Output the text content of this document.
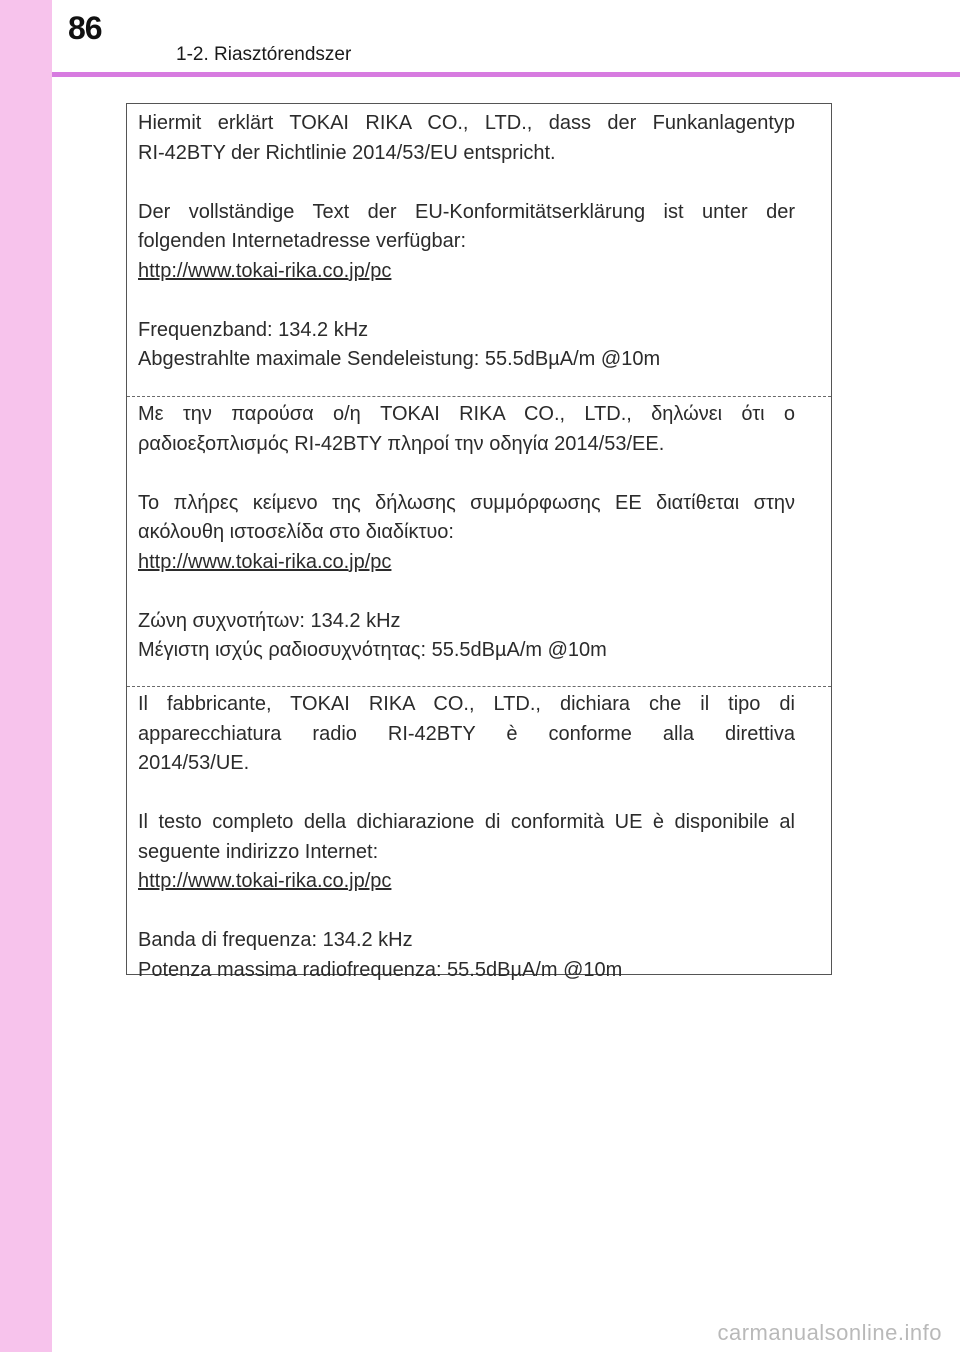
86
1-2. Riasztórendszer

Hiermit erklärt TOKAI RIKA CO., LTD., dass der Funkanlagentyp

RI-42BTY der Richtlinie 2014/53/EU entspricht.

Der vollständige Text der EU-Konformitätserklärung ist unter der

folgenden Internetadresse verfügbar:

http://www.tokai-rika.co.jp/pc

Frequenzband: 134.2 kHz

Abgestrahlte maximale Sendeleistung: 55.5dBµA/m @10m

Με την παρούσα ο/η TOKAI RIKA CO., LTD., δηλώνει ότι ο

ραδιοεξοπλισμός RI-42BTY πληροί την οδηγία 2014/53/ΕΕ.

Το πλήρες κείμενο της δήλωσης συμμόρφωσης ΕΕ διατίθεται στην

ακόλουθη ιστοσελίδα στο διαδίκτυο:

http://www.tokai-rika.co.jp/pc

Ζώνη συχνοτήτων: 134.2 kHz

Μέγιστη ισχύς ραδιοσυχνότητας: 55.5dBµA/m @10m

Il fabbricante, TOKAI RIKA CO., LTD., dichiara che il tipo di

apparecchiatura radio RI-42BTY è conforme alla direttiva

2014/53/UE.

Il testo completo della dichiarazione di conformità UE è disponibile al

seguente indirizzo Internet:

http://www.tokai-rika.co.jp/pc

Banda di frequenza: 134.2 kHz

Potenza massima radiofrequenza: 55.5dBµA/m @10m

carmanualsonline.info
